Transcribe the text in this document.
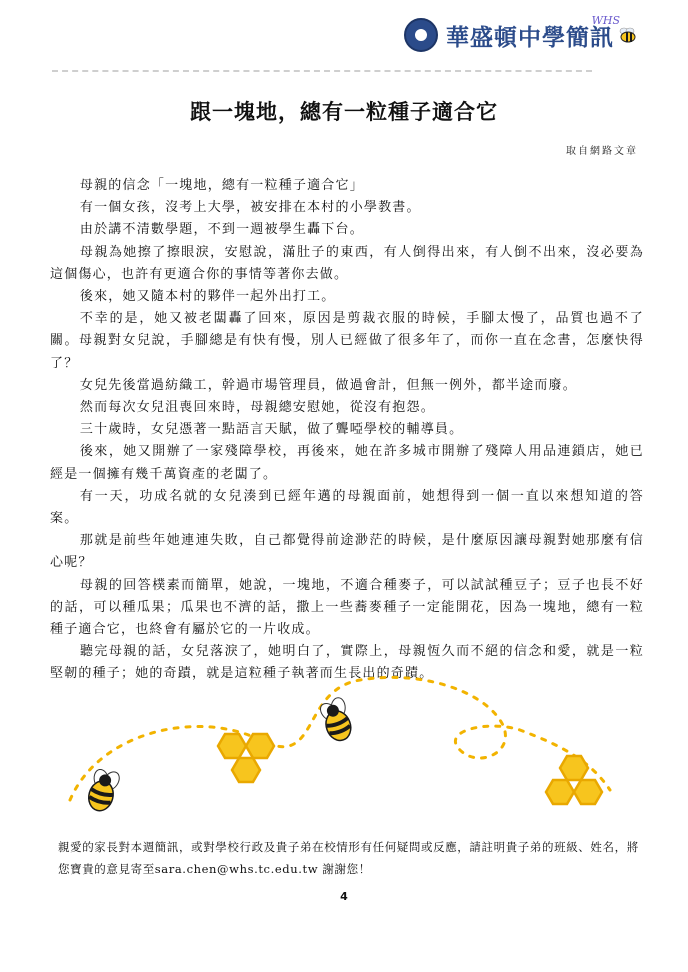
WHS
華盛頓中學簡訊
跟一塊地，總有一粒種子適合它
取自網路文章

母親的信念「一塊地，總有一粒種子適合它」

有一個女孩，沒考上大學，被安排在本村的小學教書。

由於講不清數學題，不到一週被學生轟下台。

母親為她擦了擦眼淚，安慰說，滿肚子的東西，有人倒得出來，有人倒不出來，沒必要為這個傷心，也許有更適合你的事情等著你去做。

後來，她又隨本村的夥伴一起外出打工。

不幸的是，她又被老闆轟了回來，原因是剪裁衣服的時候，手腳太慢了，品質也過不了關。母親對女兒說，手腳總是有快有慢，別人已經做了很多年了，而你一直在念書，怎麼快得了？

女兒先後當過紡織工，幹過市場管理員，做過會計，但無一例外，都半途而廢。

然而每次女兒沮喪回來時，母親總安慰她，從沒有抱怨。

三十歲時，女兒憑著一點語言天賦，做了聾啞學校的輔導員。

後來，她又開辦了一家殘障學校，再後來，她在許多城市開辦了殘障人用品連鎖店，她已經是一個擁有幾千萬資產的老闆了。

有一天，功成名就的女兒湊到已經年邁的母親面前，她想得到一個一直以來想知道的答案。

那就是前些年她連連失敗，自己都覺得前途渺茫的時候，是什麼原因讓母親對她那麼有信心呢？

母親的回答樸素而簡單，她說，一塊地，不適合種麥子，可以試試種豆子；豆子也長不好的話，可以種瓜果；瓜果也不濟的話，撒上一些蕎麥種子一定能開花，因為一塊地，總有一粒種子適合它，也終會有屬於它的一片收成。

聽完母親的話，女兒落淚了，她明白了，實際上，母親恆久而不絕的信念和愛，就是一粒堅韌的種子；她的奇蹟，就是這粒種子執著而生長出的奇蹟。

親愛的家長對本週簡訊，或對學校行政及貴子弟在校情形有任何疑問或反應，請註明貴子弟的班級、姓名，將您寶貴的意見寄至sara.chen@whs.tc.edu.tw 謝謝您！
4
